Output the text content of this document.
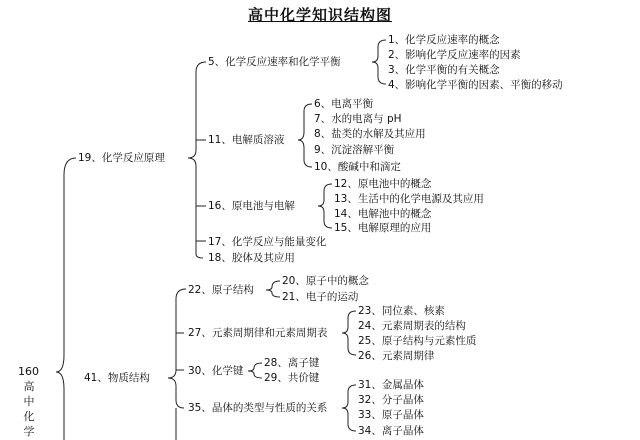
高中化学知识结构图
160
高
中
化
学
19、化学反应原理
5、化学反应速率和化学平衡
1、化学反应速率的概念
2、影响化学反应速率的因素
3、化学平衡的有关概念
4、影响化学平衡的因素、平衡的移动
11、电解质溶液
6、电离平衡
7、水的电离与 pH
8、盐类的水解及其应用
9、沉淀溶解平衡
10、酸碱中和滴定
16、原电池与电解
12、原电池中的概念
13、生活中的化学电源及其应用
14、电解池中的概念
15、电解原理的应用
17、化学反应与能量变化
18、胶体及其应用
41、物质结构
22、原子结构
20、原子中的概念
21、电子的运动
27、元素周期律和元素周期表
23、同位素、核素
24、元素周期表的结构
25、原子结构与元素性质
26、元素周期律
30、化学键
28、离子键
29、共价键
35、晶体的类型与性质的关系
31、金属晶体
32、分子晶体
33、原子晶体
34、离子晶体
